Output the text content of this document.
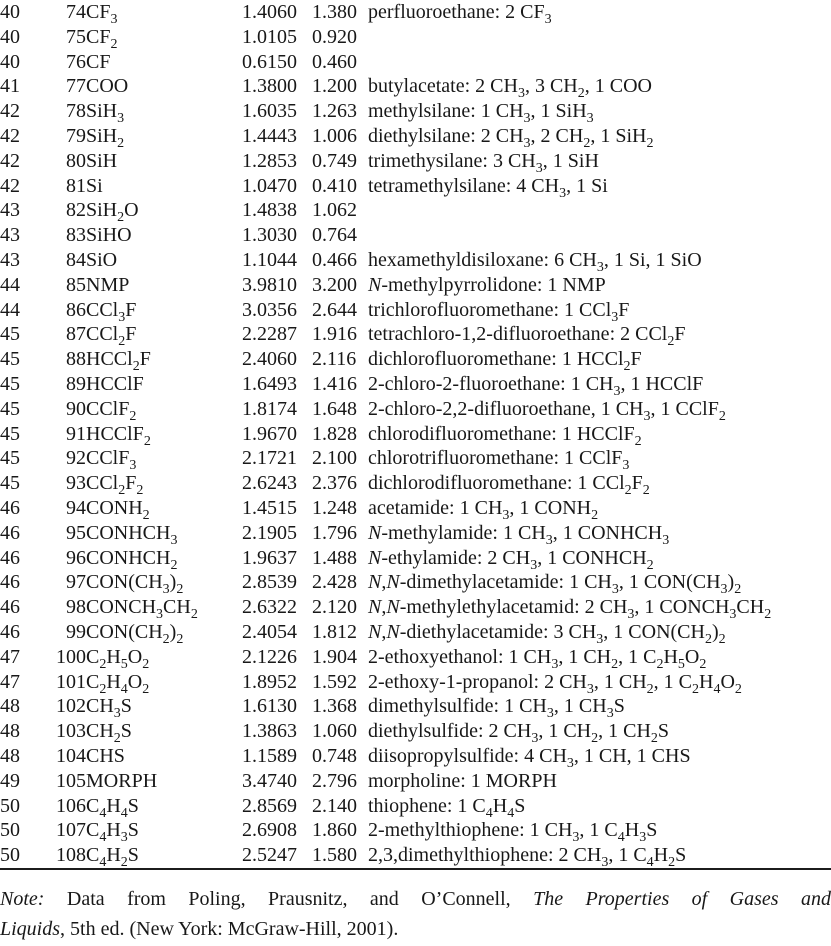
40	74	$CF_3$	1.4060	1.380	perfluoroethane: 2 $CF_3$
40	75	$CF_2$	1.0105	0.920	
40	76	CF	0.6150	0.460	
41	77	COO	1.3800	1.200	butylacetate: 2 $CH_3$, 3 $CH_2$, 1 COO
42	78	SiH$_3$	1.6035	1.263	methylsilane: 1 $CH_3$, 1 SiH$_3$
42	79	SiH$_2$	1.4443	1.006	diethylsilane: 2 $CH_3$, 2 $CH_2$, 1 SiH$_2$
42	80	SiH	1.2853	0.749	trimethysilane: 3 $CH_3$, 1 SiH
42	81	Si	1.0470	0.410	tetramethylsilane: 4 $CH_3$, 1 Si
43	82	SiH$_2$O	1.4838	1.062	
43	83	SiHO	1.3030	0.764	
43	84	SiO	1.1044	0.466	hexamethyldisiloxane: 6 $CH_3$, 1 Si, 1 SiO
44	85	NMP	3.9810	3.200	N-methylpyrrolidone: 1 NMP
44	86	CCl$_3$F	3.0356	2.644	trichlorofluoromethane: 1 CCl$_3$F
45	87	CCl$_2$F	2.2287	1.916	tetrachloro-1,2-difluoroethane: 2 CCl$_2$F
45	88	HCCl$_2$F	2.4060	2.116	dichlorofluoromethane: 1 HCCl$_2$F
45	89	HCClF	1.6493	1.416	2-chloro-2-fluoroethane: 1 $CH_3$, 1 HCClF
45	90	CClF$_2$	1.8174	1.648	2-chloro-2,2-difluoroethane, 1 $CH_3$, 1 CClF$_2$
45	91	HCClF$_2$	1.9670	1.828	chlorodifluoromethane: 1 HCClF$_2$
45	92	CClF$_3$	2.1721	2.100	chlorotrifluoromethane: 1 CClF$_3$
45	93	$CCl_2F_2$	2.6243	2.376	dichlorodifluoromethane: 1 $CCl_2F_2$
46	94	$CONH_2$	1.4515	1.248	acetamide: 1 $CH_3$, 1 $CONH_2$
46	95	$CONHCH_3$	2.1905	1.796	N-methylamide: 1 $CH_3$, 1 $CONHCH_3$
46	96	$CONHCH_2$	1.9637	1.488	N-ethylamide: 2 $CH_3$, 1 $CONHCH_2$
46	97	$CON(CH_3)_2$	2.8539	2.428	N,N-dimethylacetamide: 1 $CH_3$, 1 $CON(CH_3)_2$
46	98	$CONCH_3CH_2$	2.6322	2.120	N,N-methylethylacetamid: 2 $CH_3$, 1 $CONCH_3CH_2$
46	99	$CON(CH_2)_2$	2.4054	1.812	N,N-diethylacetamide: 3 $CH_3$, 1 $CON(CH_2)_2$
47	100	$C_2H_5O_2$	2.1226	1.904	2-ethoxyethanol: 1 $CH_3$, 1 $CH_2$, 1 $C_2H_5O_2$
47	101	$C_2H_4O_2$	1.8952	1.592	2-ethoxy-1-propanol: 2 $CH_3$, 1 $CH_2$, 1 $C_2H_4O_2$
48	102	$CH_3S$	1.6130	1.368	dimethylsulfide: 1 $CH_3$, 1 $CH_3S$
48	103	$CH_2S$	1.3863	1.060	diethylsulfide: 2 $CH_3$, 1 $CH_2$, 1 $CH_2S$
48	104	CHS	1.1589	0.748	diisopropylsulfide: 4 $CH_3$, 1 CH, 1 CHS
49	105	MORPH	3.4740	2.796	morpholine: 1 MORPH
50	106	$C_4H_4S$	2.8569	2.140	thiophene: 1 $C_4H_4S$
50	107	$C_4H_3S$	2.6908	1.860	2-methylthiophene: 1 $CH_3$, 1 $C_4H_3S$
50	108	$C_4H_2S$	2.5247	1.580	2,3,dimethylthiophene: 2 $CH_3$, 1 $C_4H_2S$
Note: Data from Poling, Prausnitz, and O’Connell, The Properties of Gases and
Liquids, 5th ed. (New York: McGraw-Hill, 2001).
